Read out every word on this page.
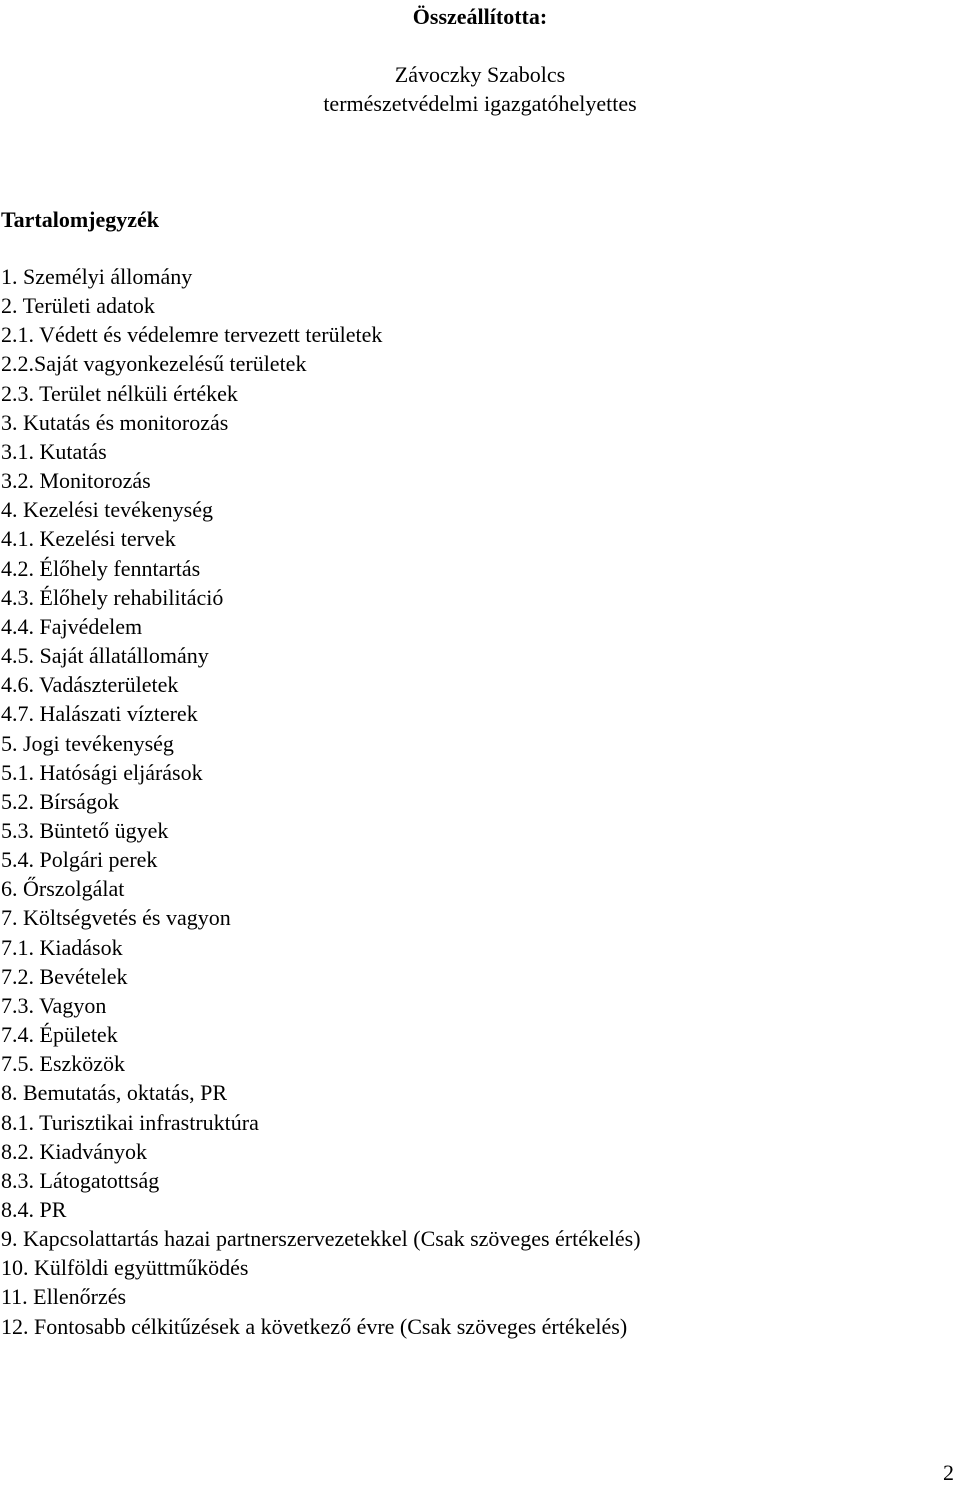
Összeállította:
Závoczky Szabolcs
természetvédelmi igazgatóhelyettes
Tartalomjegyzék
1. Személyi állomány
2. Területi adatok
2.1. Védett és védelemre tervezett területek
2.2.Saját vagyonkezelésű területek
2.3. Terület nélküli értékek
3. Kutatás és monitorozás
3.1. Kutatás
3.2. Monitorozás
4. Kezelési tevékenység
4.1. Kezelési tervek
4.2. Élőhely fenntartás
4.3. Élőhely rehabilitáció
4.4. Fajvédelem
4.5. Saját állatállomány
4.6. Vadászterületek
4.7. Halászati vízterek
5. Jogi tevékenység
5.1. Hatósági eljárások
5.2. Bírságok
5.3. Büntető ügyek
5.4. Polgári perek
6. Őrszolgálat
7. Költségvetés és vagyon
7.1. Kiadások
7.2. Bevételek
7.3. Vagyon
7.4. Épületek
7.5. Eszközök
8. Bemutatás, oktatás, PR
8.1. Turisztikai infrastruktúra
8.2. Kiadványok
8.3. Látogatottság
8.4. PR
9. Kapcsolattartás hazai partnerszervezetekkel (Csak szöveges értékelés)
10. Külföldi együttműködés
11. Ellenőrzés
12. Fontosabb célkitűzések a következő évre (Csak szöveges értékelés)
2
